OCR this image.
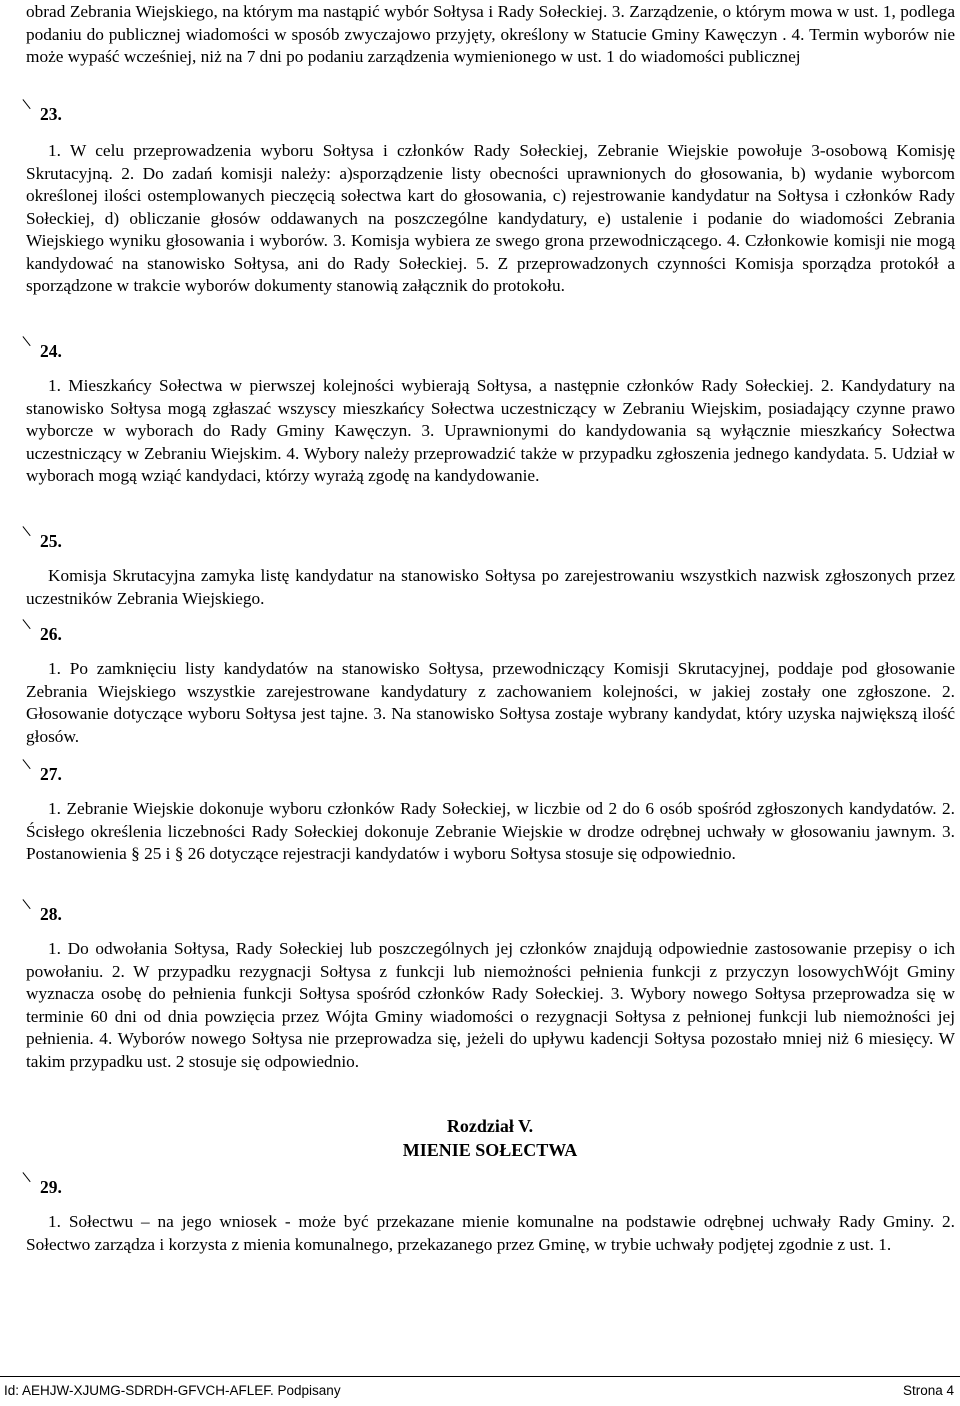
obrad Zebrania Wiejskiego, na którym ma nastąpić wybór Sołtysa i Rady Sołeckiej. 3. Zarządzenie, o którym mowa w ust. 1, podlega podaniu do publicznej wiadomości w sposób zwyczajowo przyjęty, określony w Statucie Gminy Kawęczyn . 4. Termin wyborów nie może wypaść wcześniej, niż na 7 dni po podaniu zarządzenia wymienionego w ust. 1 do wiadomości publicznej

23.

1. W celu przeprowadzenia wyboru Sołtysa i członków Rady Sołeckiej, Zebranie Wiejskie powołuje 3-osobową Komisję Skrutacyjną. 2. Do zadań komisji należy: a)sporządzenie listy obecności uprawnionych do głosowania, b) wydanie wyborcom określonej ilości ostemplowanych pieczęcią sołectwa kart do głosowania, c) rejestrowanie kandydatur na Sołtysa i członków Rady Sołeckiej, d) obliczanie głosów oddawanych na poszczególne kandydatury, e) ustalenie i podanie do wiadomości Zebrania Wiejskiego wyniku głosowania i wyborów. 3. Komisja wybiera ze swego grona przewodniczącego. 4. Członkowie komisji nie mogą kandydować na stanowisko Sołtysa, ani do Rady Sołeckiej. 5. Z przeprowadzonych czynności Komisja sporządza protokół a sporządzone w trakcie wyborów dokumenty stanowią załącznik do protokołu.

24.

1. Mieszkańcy Sołectwa w pierwszej kolejności wybierają Sołtysa, a następnie członków Rady Sołeckiej. 2. Kandydatury na stanowisko Sołtysa mogą zgłaszać wszyscy mieszkańcy Sołectwa uczestniczący w Zebraniu Wiejskim, posiadający czynne prawo wyborcze w wyborach do Rady Gminy Kawęczyn. 3. Uprawnionymi do kandydowania są wyłącznie mieszkańcy Sołectwa uczestniczący w Zebraniu Wiejskim. 4. Wybory należy przeprowadzić także w przypadku zgłoszenia jednego kandydata. 5. Udział w wyborach mogą wziąć kandydaci, którzy wyrażą zgodę na kandydowanie.

25.

Komisja Skrutacyjna zamyka listę kandydatur na stanowisko Sołtysa po zarejestrowaniu wszystkich nazwisk zgłoszonych przez uczestników Zebrania Wiejskiego.

26.

1. Po zamknięciu listy kandydatów na stanowisko Sołtysa, przewodniczący Komisji Skrutacyjnej, poddaje pod głosowanie Zebrania Wiejskiego wszystkie zarejestrowane kandydatury z zachowaniem kolejności, w jakiej zostały one zgłoszone. 2. Głosowanie dotyczące wyboru Sołtysa jest tajne. 3. Na stanowisko Sołtysa zostaje wybrany kandydat, który uzyska największą ilość głosów.

27.

1. Zebranie Wiejskie dokonuje wyboru członków Rady Sołeckiej, w liczbie od 2 do 6 osób spośród zgłoszonych kandydatów. 2. Ścisłego określenia liczebności Rady Sołeckiej dokonuje Zebranie Wiejskie w drodze odrębnej uchwały w głosowaniu jawnym. 3. Postanowienia § 25 i § 26 dotyczące rejestracji kandydatów i wyboru Sołtysa stosuje się odpowiednio.

28.

1. Do odwołania Sołtysa, Rady Sołeckiej lub poszczególnych jej członków znajdują odpowiednie zastosowanie przepisy o ich powołaniu. 2. W przypadku rezygnacji Sołtysa z funkcji lub niemożności pełnienia funkcji z przyczyn losowychWójt Gminy wyznacza osobę do pełnienia funkcji Sołtysa spośród członków Rady Sołeckiej. 3. Wybory nowego Sołtysa przeprowadza się w terminie 60 dni od dnia powzięcia przez Wójta Gminy wiadomości o rezygnacji Sołtysa z pełnionej funkcji lub niemożności jej pełnienia. 4. Wyborów nowego Sołtysa nie przeprowadza się, jeżeli do upływu kadencji Sołtysa pozostało mniej niż 6 miesięcy. W takim przypadku ust. 2 stosuje się odpowiednio.

Rozdział V.
MIENIE SOŁECTWA
29.

1. Sołectwu – na jego wniosek - może być przekazane mienie komunalne na podstawie odrębnej uchwały Rady Gminy. 2. Sołectwo zarządza i korzysta z mienia komunalnego, przekazanego przez Gminę, w trybie uchwały podjętej zgodnie z ust. 1.

Id: AEHJW-XJUMG-SDRDH-GFVCH-AFLEF. Podpisany	Strona 4
